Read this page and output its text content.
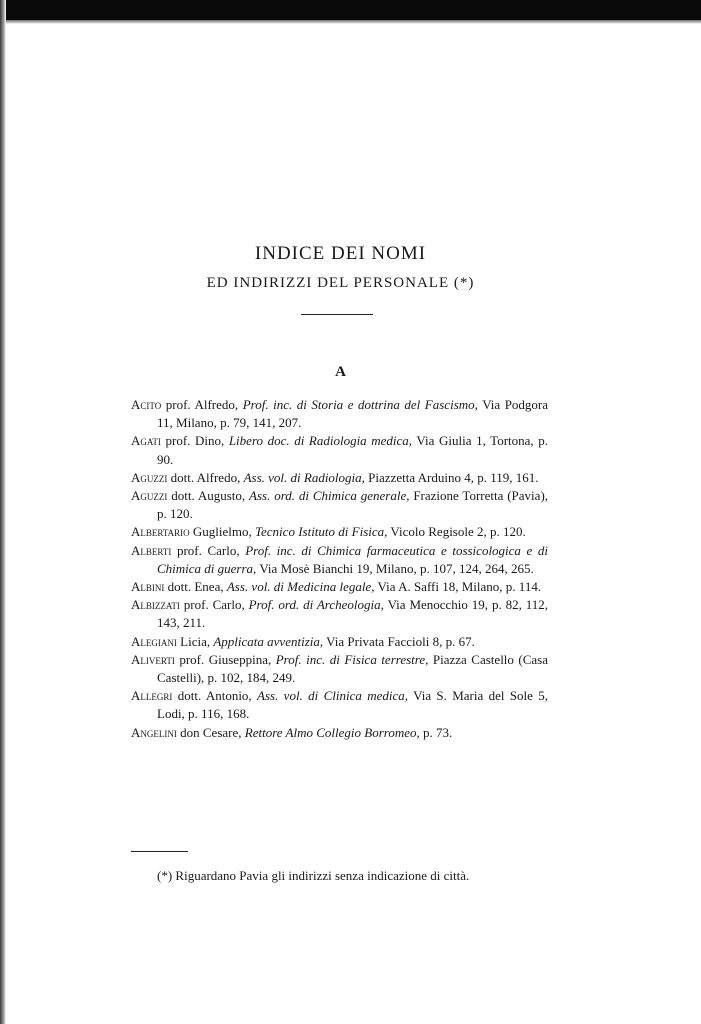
INDICE DEI NOMI
ED INDIRIZZI DEL PERSONALE (*)
A

Acito prof. Alfredo, Prof. inc. di Storia e dottrina del Fascismo, Via Podgora 11, Milano, p. 79, 141, 207.

Agati prof. Dino, Libero doc. di Radiologia medica, Via Giulia 1, Tortona, p. 90.

Aguzzi dott. Alfredo, Ass. vol. di Radiologia, Piazzetta Arduino 4, p. 119, 161.

Aguzzi dott. Augusto, Ass. ord. di Chimica generale, Frazione Torretta (Pavia), p. 120.

Albertario Guglielmo, Tecnico Istituto di Fisica, Vicolo Regisole 2, p. 120.

Alberti prof. Carlo, Prof. inc. di Chimica farmaceutica e tossicologica e di Chimica di guerra, Via Mosè Bianchi 19, Milano, p. 107, 124, 264, 265.

Albini dott. Enea, Ass. vol. di Medicina legale, Via A. Saffi 18, Milano, p. 114.

Albizzati prof. Carlo, Prof. ord. di Archeologia, Via Menocchio 19, p. 82, 112, 143, 211.

Alegiani Licia, Applicata avventizia, Via Privata Faccioli 8, p. 67.

Aliverti prof. Giuseppina, Prof. inc. di Fisica terrestre, Piazza Castello (Casa Castelli), p. 102, 184, 249.

Allegri dott. Antonio, Ass. vol. di Clinica medica, Via S. Maria del Sole 5, Lodi, p. 116, 168.

Angelini don Cesare, Rettore Almo Collegio Borromeo, p. 73.

(*) Riguardano Pavia gli indirizzi senza indicazione di città.
